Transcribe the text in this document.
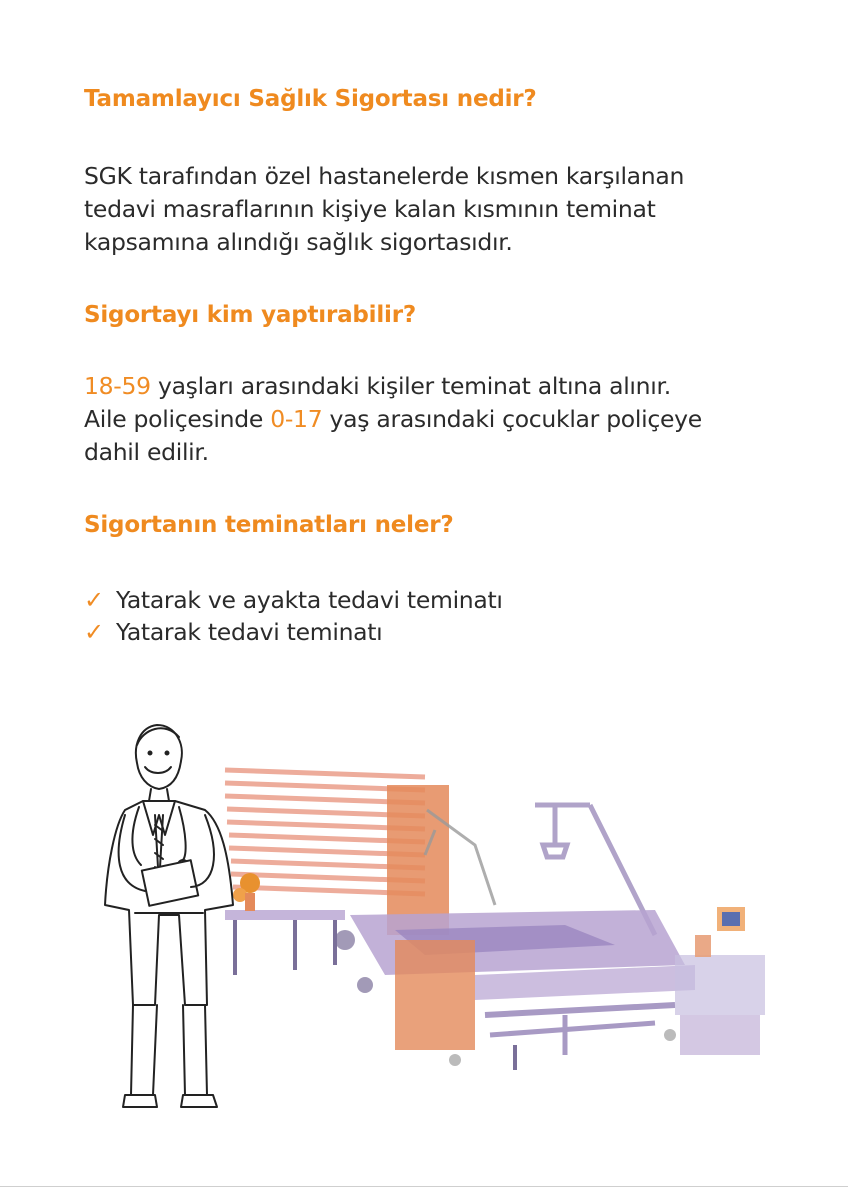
Tamamlayıcı Sağlık Sigortası nedir?
SGK tarafından özel hastanelerde kısmen karşılanan
tedavi masraflarının kişiye kalan kısmının teminat
kapsamına alındığı sağlık sigortasıdır.
Sigortayı kim yaptırabilir?
18-59 yaşları arasındaki kişiler teminat altına alınır.
Aile poliçesinde 0-17 yaş arasındaki çocuklar poliçeye
dahil edilir.
Sigortanın teminatları neler?
✓ Yatarak ve ayakta tedavi teminatı
✓ Yatarak tedavi teminatı
